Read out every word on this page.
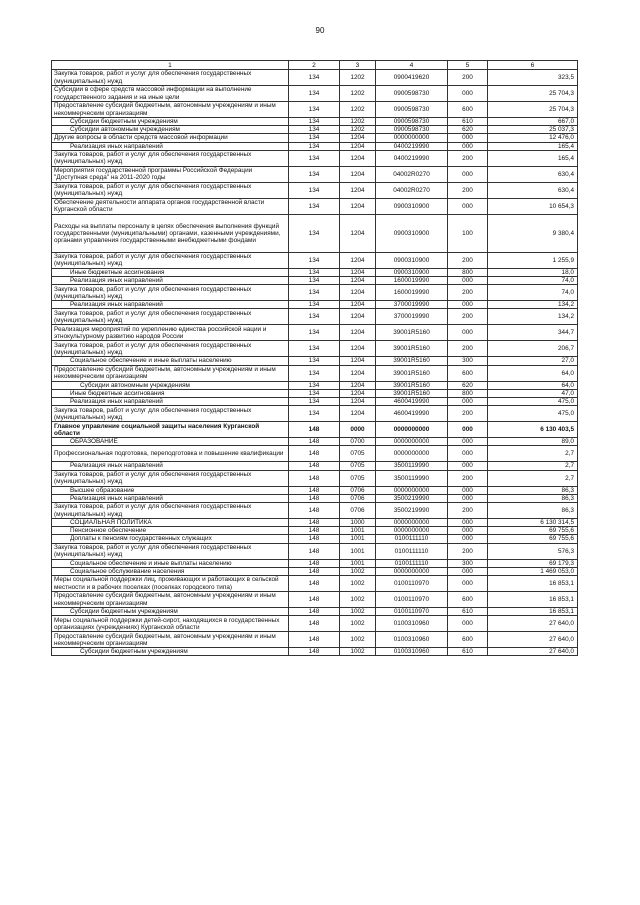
90
1	2	3	4	5	6
Закупка товаров, работ и услуг для обеспечения государственных (муниципальных) нужд	134	1202	0900419620	200	323,5
Субсидии в сфере средств массовой информации на выполнение государственного задания и на иные цели	134	1202	0900598730	000	25 704,3
Предоставление субсидий бюджетным, автономным учреждениям и иным некоммерческим организациям	134	1202	0900598730	600	25 704,3
Субсидии бюджетным учреждениям	134	1202	0900598730	610	667,0
Субсидии автономным учреждениям	134	1202	0900598730	620	25 037,3
Другие вопросы в области средств массовой информации	134	1204	0000000000	000	12 476,0
Реализация иных направлений	134	1204	0400219990	000	165,4
Закупка товаров, работ и услуг для обеспечения государственных (муниципальных) нужд	134	1204	0400219990	200	165,4
Мероприятия государственной программы Российской Федерации "Доступная среда" на 2011-2020 годы	134	1204	04002R0270	000	630,4
Закупка товаров, работ и услуг для обеспечения государственных (муниципальных) нужд	134	1204	04002R0270	200	630,4
Обеспечение деятельности аппарата органов государственной власти Курганской области	134	1204	0900310900	000	10 654,3
Расходы на выплаты персоналу в целях обеспечения выполнения функций государственными (муниципальными) органами, казенными учреждениями, органами управления государственными внебюджетными фондами	134	1204	0900310900	100	9 380,4
Закупка товаров, работ и услуг для обеспечения государственных (муниципальных) нужд	134	1204	0900310900	200	1 255,9
Иные бюджетные ассигнования	134	1204	0900310900	800	18,0
Реализация иных направлений	134	1204	1600019990	000	74,0
Закупка товаров, работ и услуг для обеспечения государственных (муниципальных) нужд	134	1204	1600019990	200	74,0
Реализация иных направлений	134	1204	3700019990	000	134,2
Закупка товаров, работ и услуг для обеспечения государственных (муниципальных) нужд	134	1204	3700019990	200	134,2
Реализация мероприятий по укреплению единства российской нации и этнокультурному развитию народов России	134	1204	39001R5160	000	344,7
Закупка товаров, работ и услуг для обеспечения государственных (муниципальных) нужд	134	1204	39001R5160	200	206,7
Социальное обеспечение и иные выплаты населению	134	1204	39001R5160	300	27,0
Предоставление субсидий бюджетным, автономным учреждениям и иным некоммерческим организациям	134	1204	39001R5160	600	64,0
Субсидии автономным учреждениям	134	1204	39001R5160	620	64,0
Иные бюджетные ассигнования	134	1204	39001R5160	800	47,0
Реализация иных направлений	134	1204	4600419990	000	475,0
Закупка товаров, работ и услуг для обеспечения государственных (муниципальных) нужд	134	1204	4600419990	200	475,0
Главное управление социальной защиты населения Курганской области	148	0000	0000000000	000	6 130 403,5
ОБРАЗОВАНИЕ	148	0700	0000000000	000	89,0
Профессиональная подготовка, переподготовка и повышение квалификации	148	0705	0000000000	000	2,7
Реализация иных направлений	148	0705	3500119990	000	2,7
Закупка товаров, работ и услуг для обеспечения государственных (муниципальных) нужд	148	0705	3500119990	200	2,7
Высшее образование	148	0706	0000000000	000	86,3
Реализация иных направлений	148	0706	3500219990	000	86,3
Закупка товаров, работ и услуг для обеспечения государственных (муниципальных) нужд	148	0706	3500219990	200	86,3
СОЦИАЛЬНАЯ ПОЛИТИКА	148	1000	0000000000	000	6 130 314,5
Пенсионное обеспечение	148	1001	0000000000	000	69 755,6
Доплаты к пенсиям государственных служащих	148	1001	0100111110	000	69 755,6
Закупка товаров, работ и услуг для обеспечения государственных (муниципальных) нужд	148	1001	0100111110	200	576,3
Социальное обеспечение и иные выплаты населению	148	1001	0100111110	300	69 179,3
Социальное обслуживание населения	148	1002	0000000000	000	1 469 053,0
Меры социальной поддержки лиц, проживающих и работающих в сельской местности и в рабочих поселках (поселках городского типа)	148	1002	0100110970	000	16 853,1
Предоставление субсидий бюджетным, автономным учреждениям и иным некоммерческим организациям	148	1002	0100110970	600	16 853,1
Субсидии бюджетным учреждениям	148	1002	0100110970	610	16 853,1
Меры социальной поддержки детей-сирот, находящихся в государственных организациях (учреждениях) Курганской области	148	1002	0100310960	000	27 640,0
Предоставление субсидий бюджетным, автономным учреждениям и иным некоммерческим организациям	148	1002	0100310960	600	27 640,0
Субсидии бюджетным учреждениям	148	1002	0100310960	610	27 640,0
